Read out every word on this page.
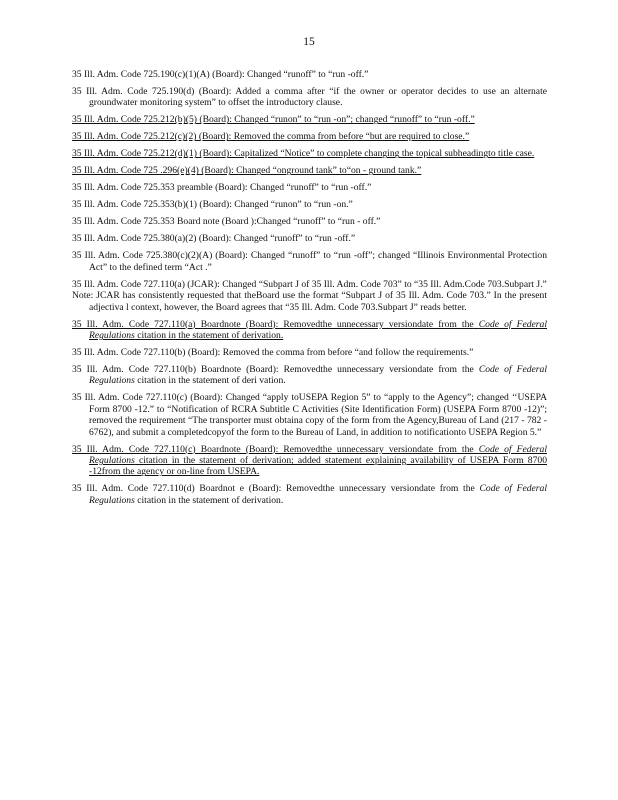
15

35 Ill. Adm. Code 725.190(c)(1)(A) (Board): Changed “runoff” to “run -off.”

35 Ill. Adm. Code 725.190(d) (Board): Added a comma after “if the owner or operator decides to use an alternate groundwater monitoring system” to offset the introductory clause.

35 Ill. Adm. Code 725.212(b)(5) (Board): Changed “runon” to “run -on”; changed “runoff” to “run -off.”

35 Ill. Adm. Code 725.212(c)(2) (Board): Removed the comma from before “but are required to close.”

35 Ill. Adm. Code 725.212(d)(1) (Board): Capitalized “Notice” to complete changing the topical subheadingto title case.

35 Ill. Adm. Code 725 .296(e)(4) (Board): Changed “onground tank” to“on - ground tank.”

35 Ill. Adm. Code 725.353 preamble (Board): Changed “runoff” to “run -off.”

35 Ill. Adm. Code 725.353(b)(1) (Board): Changed “runon” to “run -on.”

35 Ill. Adm. Code 725.353 Board note (Board ):Changed “runoff” to “run - off.”

35 Ill. Adm. Code 725.380(a)(2) (Board): Changed “runoff” to “run -off.”

35 Ill. Adm. Code 725.380(c)(2)(A) (Board): Changed “runoff” to “run -off”; changed “Illinois Environmental Protection Act” to the defined term “Act .”

35 Ill. Adm. Code 727.110(a) (JCAR): Changed “Subpart J of 35 Ill. Adm. Code 703” to “35 Ill. Adm.Code 703.Subpart J.”
Note: JCAR has consistently requested that theBoard use the format “Subpart J of 35 Ill. Adm. Code 703.” In the present adjectiva l context, however, the Board agrees that “35 Ill. Adm. Code 703.Subpart J” reads better.

35 Ill. Adm. Code 727.110(a) Boardnote (Board): Removedthe unnecessary versiondate from the Code of Federal Regulations citation in the statement of derivation.

35 Ill. Adm. Code 727.110(b) (Board): Removed the comma from before “and follow the requirements.”

35 Ill. Adm. Code 727.110(b) Boardnote (Board): Removedthe unnecessary versiondate from the Code of Federal Regulations citation in the statement of deri vation.

35 Ill. Adm. Code 727.110(c) (Board): Changed “apply toUSEPA Region 5” to “apply to the Agency”; changed ‘‘USEPA Form 8700 -12.” to “Notification of RCRA Subtitle C Activities (Site Identification Form) (USEPA Form 8700 -12)”; removed the requirement “The transporter must obtaina copy of the form from the Agency,Bureau of Land (217 - 782 - 6762), and submit a completedcopyof the form to the Bureau of Land, in addition to notificationto USEPA Region 5.”

35 Ill. Adm. Code 727.110(c) Boardnote (Board): Removedthe unnecessary versiondate from the Code of Federal Regulations citation in the statement of derivation; added statement explaining availability of USEPA Form 8700 -12from the agency or on-line from USEPA.

35 Ill. Adm. Code 727.110(d) Boardnot e (Board): Removedthe unnecessary versiondate from the Code of Federal Regulations citation in the statement of derivation.
